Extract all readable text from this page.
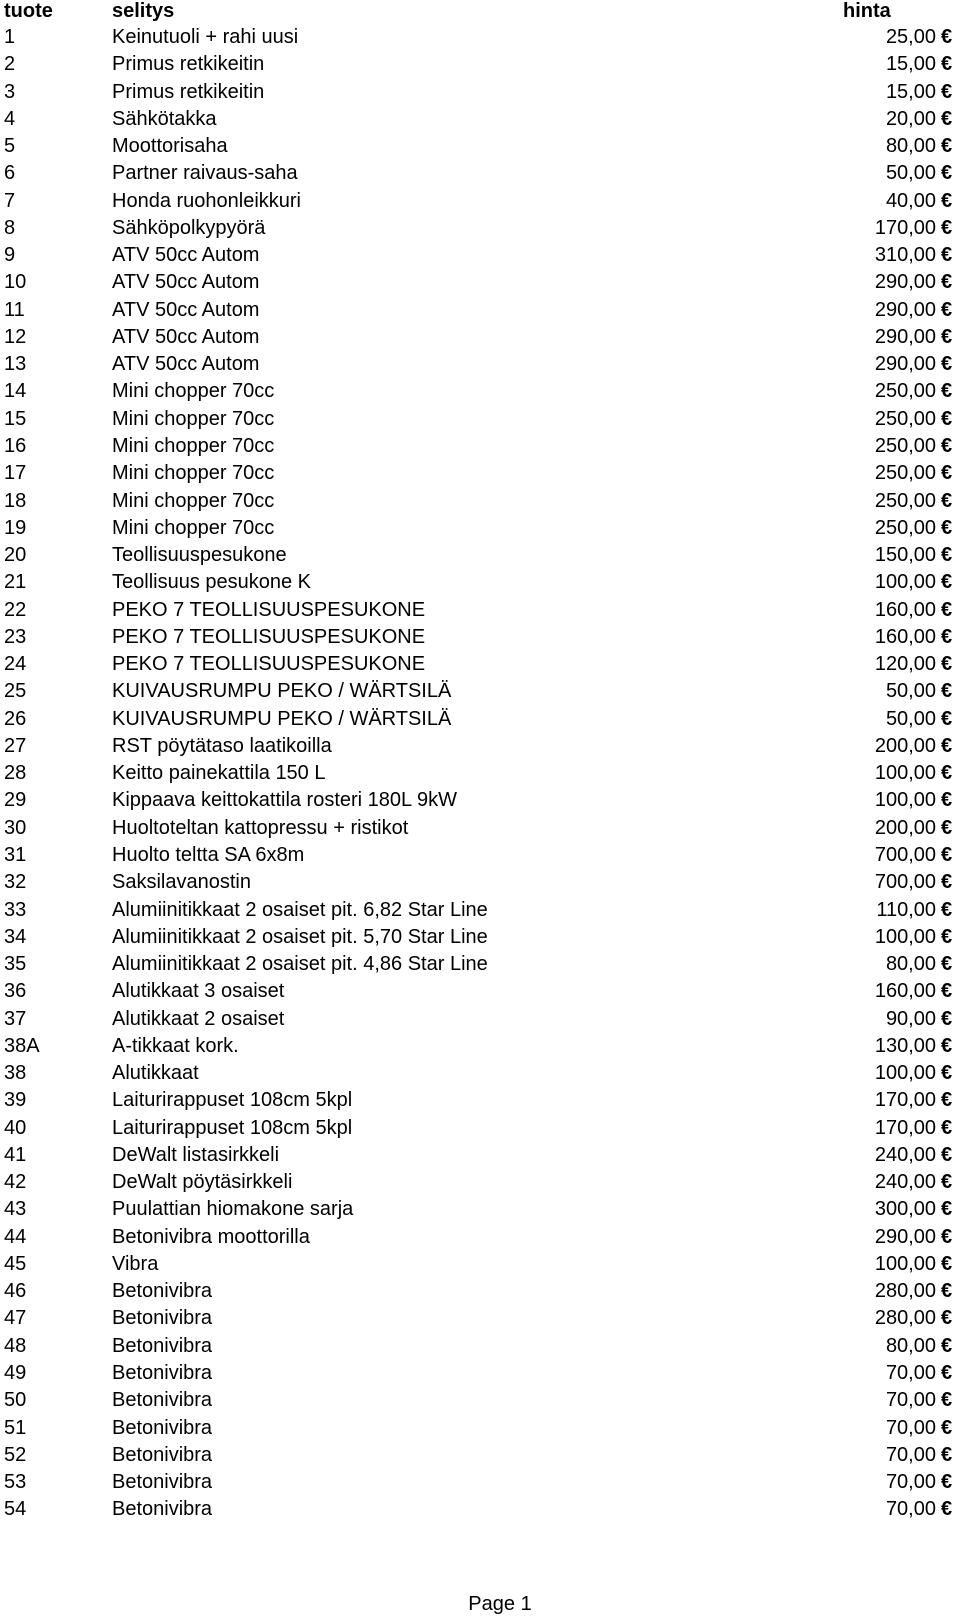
tuote	selitys	hinta
1	Keinutuoli + rahi uusi	25,00 €
2	Primus retkikeitin	15,00 €
3	Primus retkikeitin	15,00 €
4	Sähkötakka	20,00 €
5	Moottorisaha	80,00 €
6	Partner raivaus-saha	50,00 €
7	Honda ruohonleikkuri	40,00 €
8	Sähköpolkypyörä	170,00 €
9	ATV 50cc Autom	310,00 €
10	ATV 50cc Autom	290,00 €
11	ATV 50cc Autom	290,00 €
12	ATV 50cc Autom	290,00 €
13	ATV 50cc Autom	290,00 €
14	Mini chopper 70cc	250,00 €
15	Mini chopper 70cc	250,00 €
16	Mini chopper 70cc	250,00 €
17	Mini chopper 70cc	250,00 €
18	Mini chopper 70cc	250,00 €
19	Mini chopper 70cc	250,00 €
20	Teollisuuspesukone	150,00 €
21	Teollisuus pesukone K	100,00 €
22	PEKO 7 TEOLLISUUSPESUKONE	160,00 €
23	PEKO 7 TEOLLISUUSPESUKONE	160,00 €
24	PEKO 7 TEOLLISUUSPESUKONE	120,00 €
25	KUIVAUSRUMPU PEKO / WÄRTSILÄ	50,00 €
26	KUIVAUSRUMPU PEKO / WÄRTSILÄ	50,00 €
27	RST pöytätaso laatikoilla	200,00 €
28	Keitto painekattila 150 L	100,00 €
29	Kippaava keittokattila rosteri 180L 9kW	100,00 €
30	Huoltoteltan kattopressu + ristikot	200,00 €
31	Huolto teltta SA 6x8m	700,00 €
32	Saksilavanostin	700,00 €
33	Alumiinitikkaat 2 osaiset pit. 6,82 Star Line	110,00 €
34	Alumiinitikkaat 2 osaiset pit. 5,70 Star Line	100,00 €
35	Alumiinitikkaat 2 osaiset pit. 4,86 Star Line	80,00 €
36	Alutikkaat 3 osaiset	160,00 €
37	Alutikkaat 2 osaiset	90,00 €
38A	A-tikkaat kork.	130,00 €
38	Alutikkaat	100,00 €
39	Laiturirappuset 108cm 5kpl	170,00 €
40	Laiturirappuset 108cm 5kpl	170,00 €
41	DeWalt listasirkkeli	240,00 €
42	DeWalt pöytäsirkkeli	240,00 €
43	Puulattian hiomakone sarja	300,00 €
44	Betonivibra moottorilla	290,00 €
45	Vibra	100,00 €
46	Betonivibra	280,00 €
47	Betonivibra	280,00 €
48	Betonivibra	80,00 €
49	Betonivibra	70,00 €
50	Betonivibra	70,00 €
51	Betonivibra	70,00 €
52	Betonivibra	70,00 €
53	Betonivibra	70,00 €
54	Betonivibra	70,00 €
Page 1
